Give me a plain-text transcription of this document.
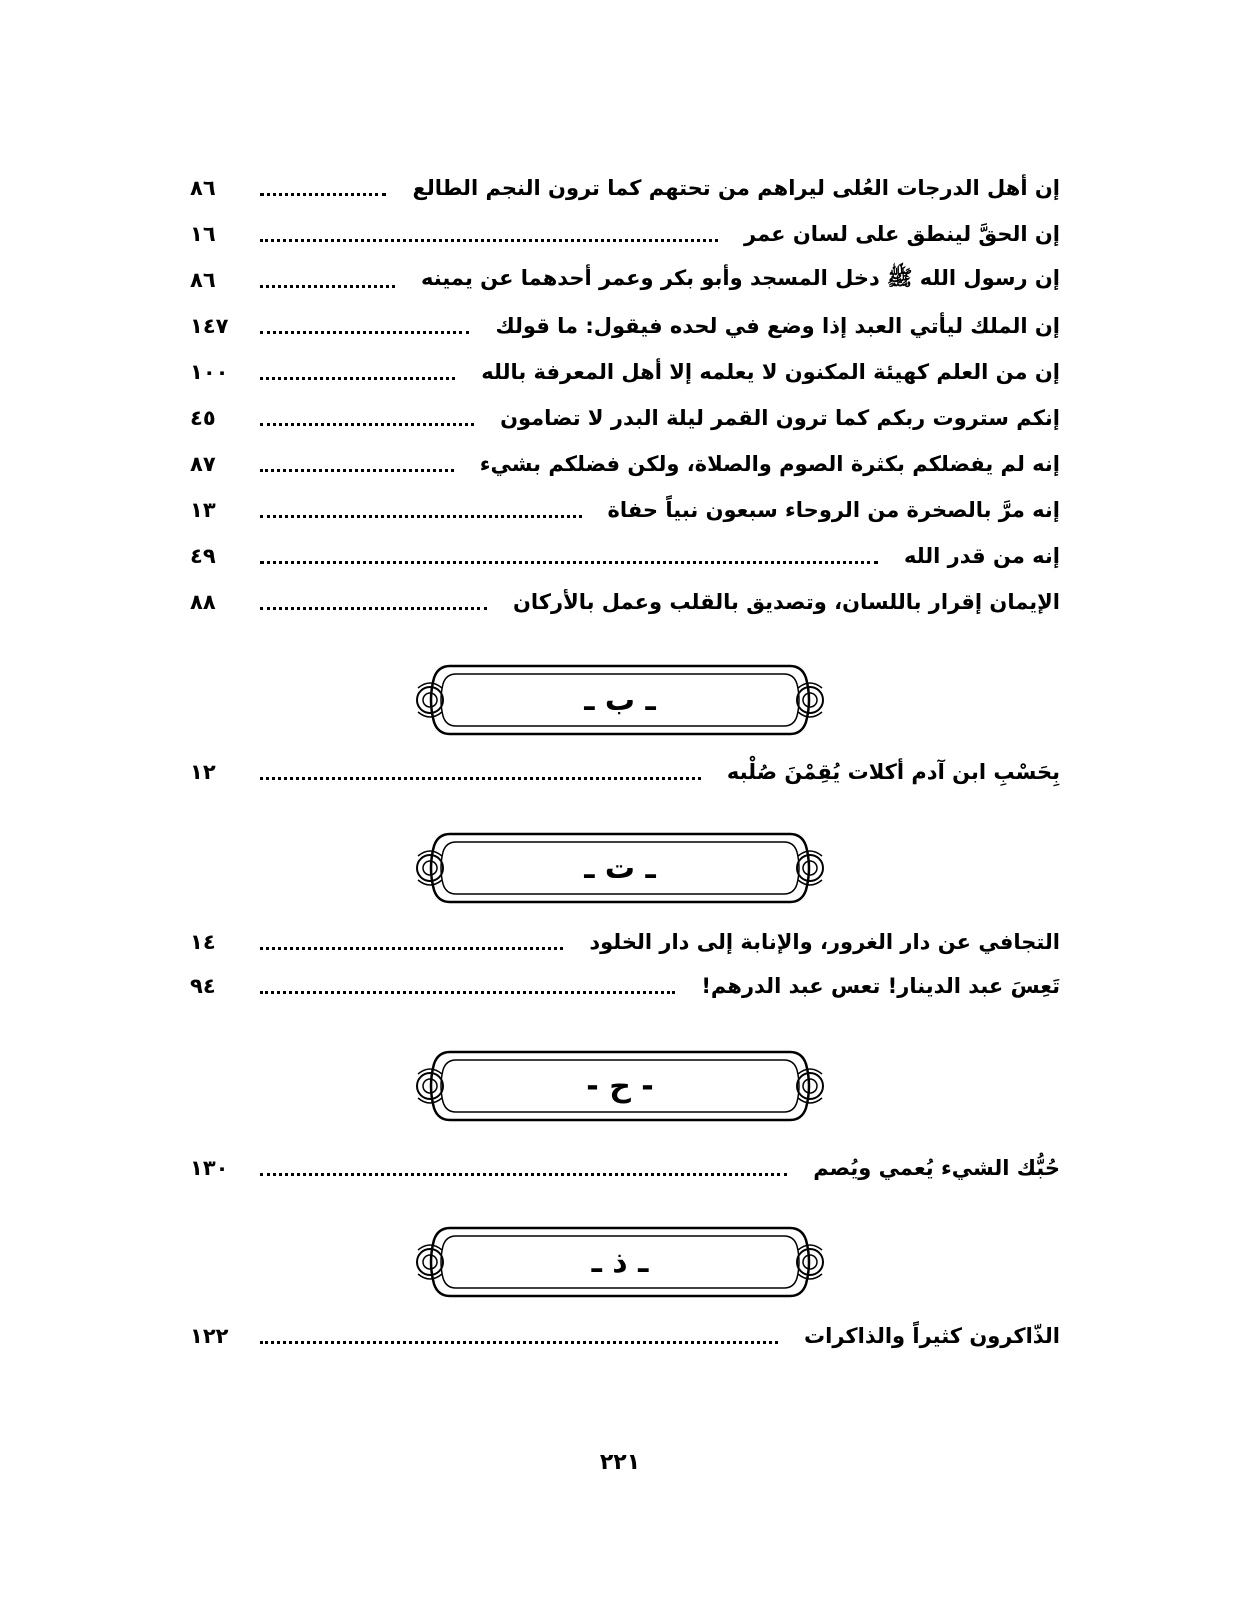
إن أهل الدرجات العُلى ليراهم من تحتهم كما ترون النجم الطالع
٨٦
إن الحقَّ لينطق على لسان عمر
١٦
إن رسول الله ﷺ دخل المسجد وأبو بكر وعمر أحدهما عن يمينه
٨٦
إن الملك ليأتي العبد إذا وضع في لحده فيقول: ما قولك
١٤٧
إن من العلم كهيئة المكنون لا يعلمه إلا أهل المعرفة بالله
١٠٠
إنكم ستروت ربكم كما ترون القمر ليلة البدر لا تضامون
٤٥
إنه لم يفضلكم بكثرة الصوم والصلاة، ولكن فضلكم بشيء
٨٧
إنه مرَّ بالصخرة من الروحاء سبعون نبياً حفاة
١٣
إنه من قدر الله
٤٩
الإيمان إقرار باللسان، وتصديق بالقلب وعمل بالأركان
٨٨
ـ ب ـ
بِحَسْبِ ابن آدم أكلات يُقِمْنَ صُلْبه
١٢
ـ ت ـ
التجافي عن دار الغرور، والإنابة إلى دار الخلود
١٤
تَعِسَ عبد الدينار! تعس عبد الدرهم!
٩٤
- ح -
حُبُّك الشيء يُعمي ويُصم
١٣٠
ـ ذ ـ
الذّاكرون كثيراً والذاكرات
١٢٢
٢٢١
